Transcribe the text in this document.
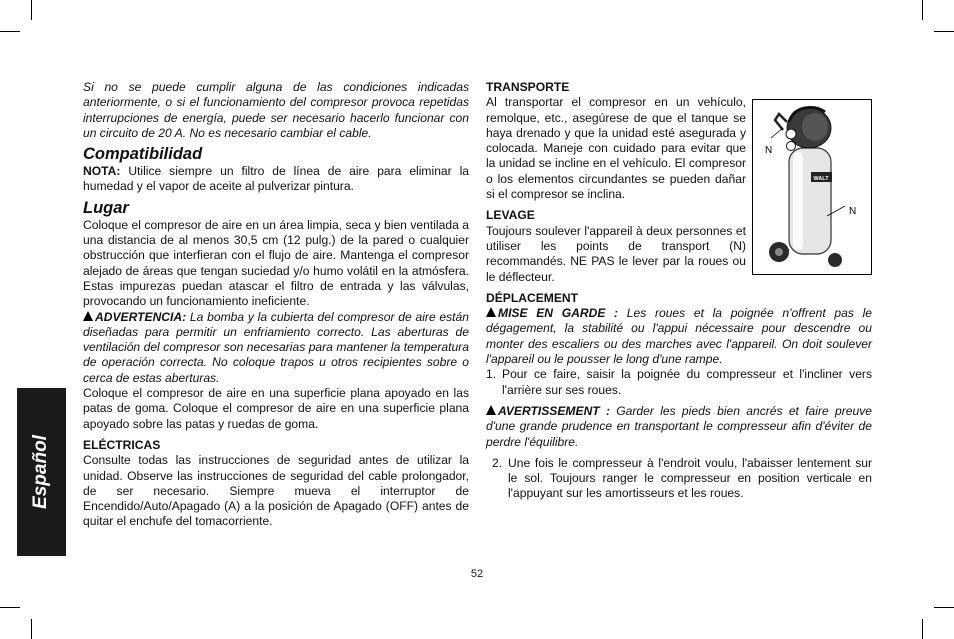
Español

Si no se puede cumplir alguna de las condiciones indicadas anteriormente, o si el funcionamiento del compresor provoca repetidas interrupciones de energía, puede ser necesario hacerlo funcionar con un circuito de 20 A. No es necesario cambiar el cable.

Compatibilidad

NOTA: Utilice siempre un filtro de línea de aire para eliminar la humedad y el vapor de aceite al pulverizar pintura.

Lugar

Coloque el compresor de aire en un área limpia, seca y bien ventilada a una distancia de al menos 30,5 cm (12 pulg.) de la pared o cualquier obstrucción que interfieran con el flujo de aire. Mantenga el compresor alejado de áreas que tengan suciedad y/o humo volátil en la atmósfera. Estas impurezas puedan atascar el filtro de entrada y las válvulas, provocando un funcionamiento ineficiente.

ADVERTENCIA: La bomba y la cubierta del compresor de aire están diseñadas para permitir un enfriamiento correcto. Las aberturas de ventilación del compresor son necesarias para mantener la temperatura de operación correcta. No coloque trapos u otros recipientes sobre o cerca de estas aberturas.

Coloque el compresor de aire en una superficie plana apoyado en las patas de goma. Coloque el compresor de aire en una superficie plana apoyado sobre las patas y ruedas de goma.

ELÉCTRICAS

Consulte todas las instrucciones de seguridad antes de utilizar la unidad. Observe las instrucciones de seguridad del cable prolongador, de ser necesario. Siempre mueva el interruptor de Encendido/Auto/Apagado (A) a la posición de Apagado (OFF) antes de quitar el enchufe del tomacorriente.

TRANSPORTE
WALT
N
N

Al transportar el compresor en un vehículo, remolque, etc., asegúrese de que el tanque se haya drenado y que la unidad esté asegurada y colocada. Maneje con cuidado para evitar que la unidad se incline en el vehículo. El compresor o los elementos circundantes se pueden dañar si el compresor se inclina.

LEVAGE

Toujours soulever l'appareil à deux personnes et utiliser les points de transport (N) recommandés. NE PAS le lever par la roues ou le déflecteur.

DÉPLACEMENT

MISE EN GARDE : Les roues et la poignée n'offrent pas le dégagement, la stabilité ou l'appui nécessaire pour descendre ou monter des escaliers ou des marches avec l'appareil. On doit soulever l'appareil ou le pousser le long d'une rampe.

1. Pour ce faire, saisir la poignée du compresseur et l'incliner vers l'arrière sur ses roues.

AVERTISSEMENT : Garder les pieds bien ancrés et faire preuve d'une grande prudence en transportant le compresseur afin d'éviter de perdre l'équilibre.

2. Une fois le compresseur à l'endroit voulu, l'abaisser lentement sur le sol. Toujours ranger le compresseur en position verticale en l'appuyant sur les amortisseurs et les roues.
52
